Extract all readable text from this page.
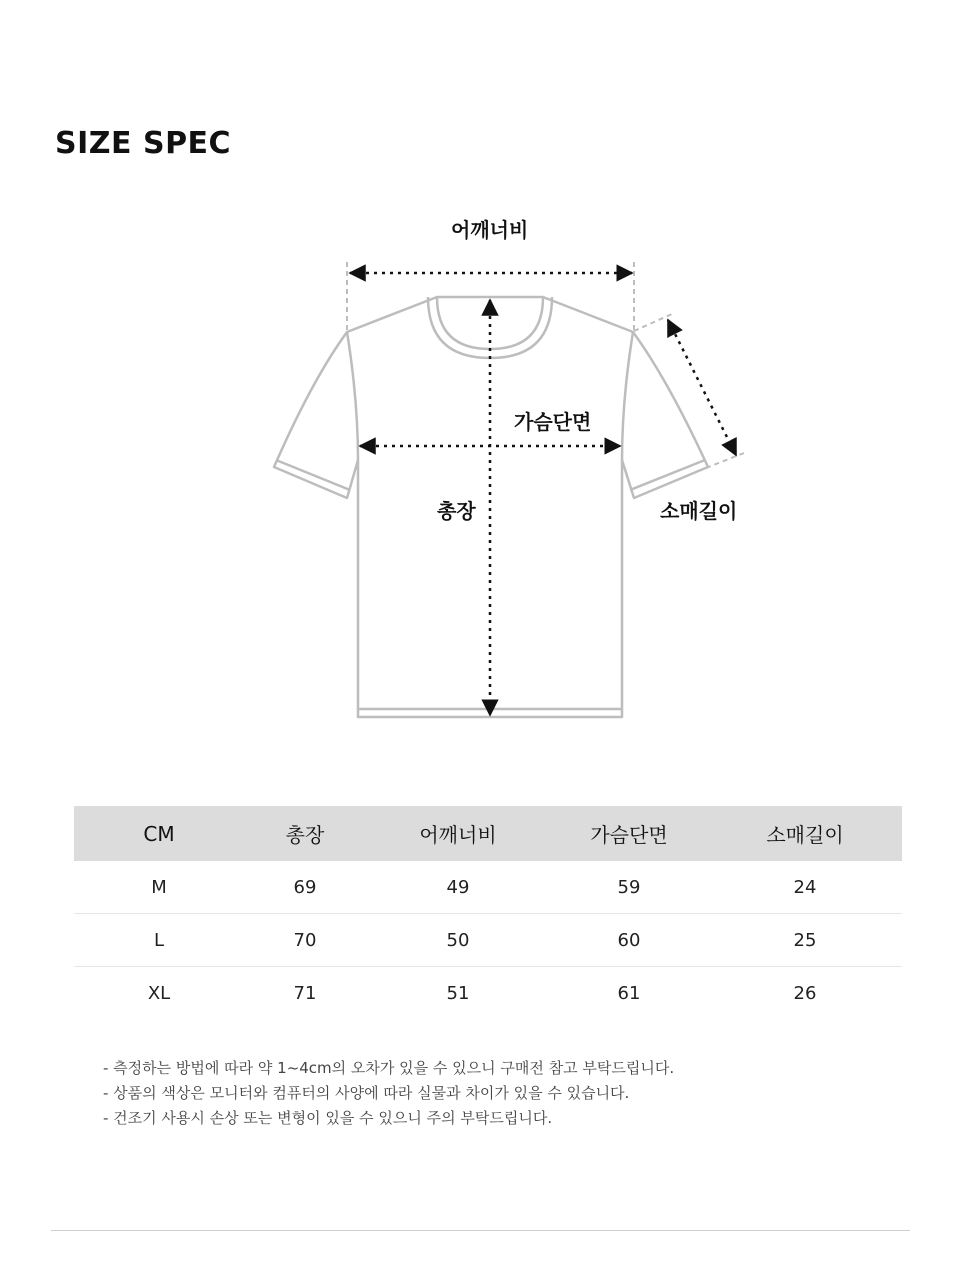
SIZE SPEC
어깨너비
가슴단면
총장	소매길이
CM	총장	어깨너비	가슴단면	소매길이
M	69	49	59	24
L	70	50	60	25
XL	71	51	61	26
- 측정하는 방법에 따라 약 1~4cm의 오차가 있을 수 있으니 구매전 참고 부탁드립니다.
- 상품의 색상은 모니터와 컴퓨터의 사양에 따라 실물과 차이가 있을 수 있습니다.
- 건조기 사용시 손상 또는 변형이 있을 수 있으니 주의 부탁드립니다.
